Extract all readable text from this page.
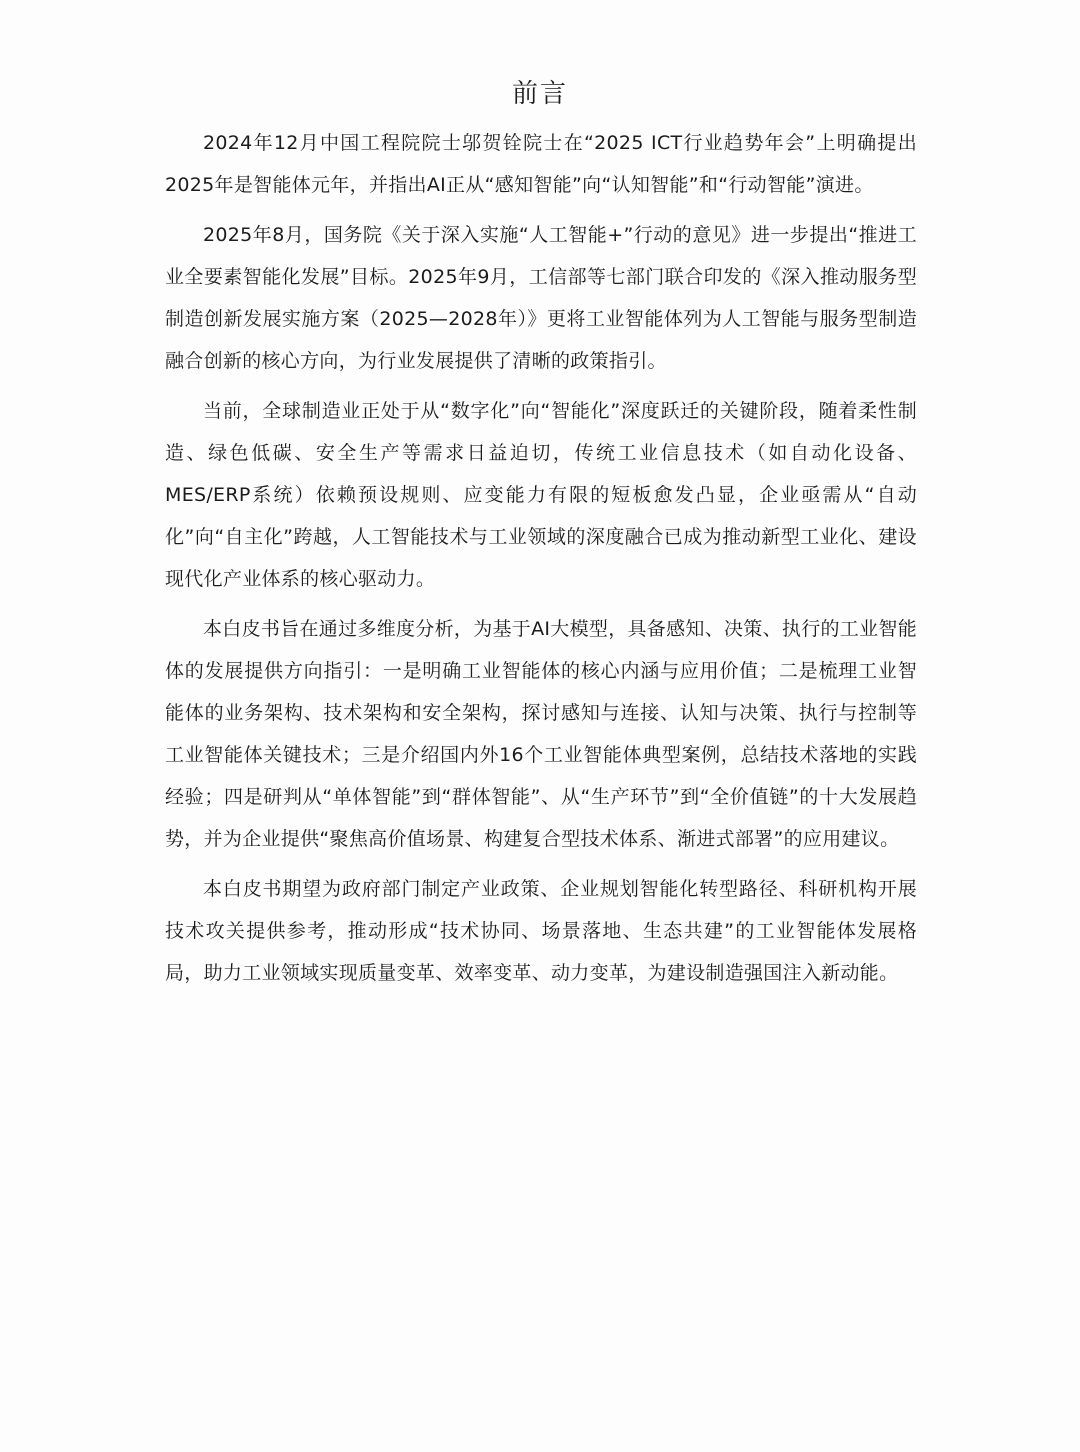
前言

2024年12月中国工程院院士邬贺铨院士在“2025 ICT行业趋势年会”上明确提出2025年是智能体元年，并指出AI正从“感知智能”向“认知智能”和“行动智能”演进。

2025年8月，国务院《关于深入实施“人工智能+”行动的意见》进一步提出“推进工业全要素智能化发展”目标。2025年9月，工信部等七部门联合印发的《深入推动服务型制造创新发展实施方案（2025—2028年）》更将工业智能体列为人工智能与服务型制造融合创新的核心方向，为行业发展提供了清晰的政策指引。

当前，全球制造业正处于从“数字化”向“智能化”深度跃迁的关键阶段，随着柔性制造、绿色低碳、安全生产等需求日益迫切，传统工业信息技术（如自动化设备、MES/ERP系统）依赖预设规则、应变能力有限的短板愈发凸显，企业亟需从“自动化”向“自主化”跨越，人工智能技术与工业领域的深度融合已成为推动新型工业化、建设现代化产业体系的核心驱动力。

本白皮书旨在通过多维度分析，为基于AI大模型，具备感知、决策、执行的工业智能体的发展提供方向指引：一是明确工业智能体的核心内涵与应用价值；二是梳理工业智能体的业务架构、技术架构和安全架构，探讨感知与连接、认知与决策、执行与控制等工业智能体关键技术；三是介绍国内外16个工业智能体典型案例，总结技术落地的实践经验；四是研判从“单体智能”到“群体智能”、从“生产环节”到“全价值链”的十大发展趋势，并为企业提供“聚焦高价值场景、构建复合型技术体系、渐进式部署”的应用建议。

本白皮书期望为政府部门制定产业政策、企业规划智能化转型路径、科研机构开展技术攻关提供参考，推动形成“技术协同、场景落地、生态共建”的工业智能体发展格局，助力工业领域实现质量变革、效率变革、动力变革，为建设制造强国注入新动能。
